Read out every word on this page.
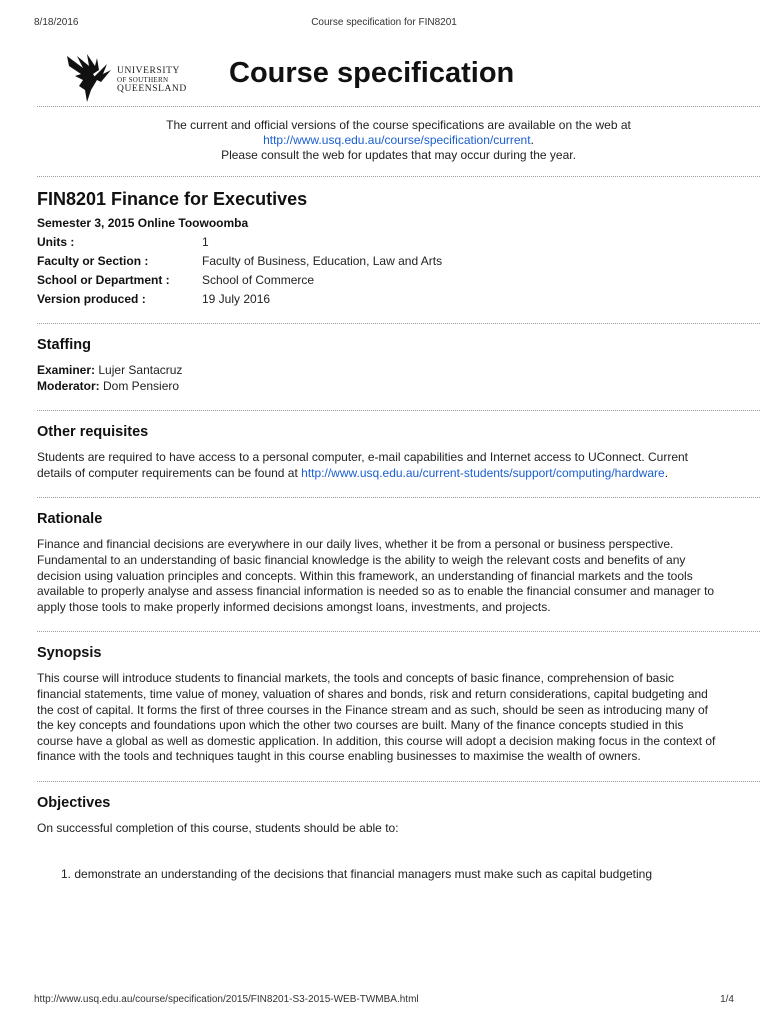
8/18/2016	Course specification for FIN8201
UNIVERSITY
OF SOUTHERN
QUEENSLAND	Course specification
The current and official versions of the course specifications are available on the web at
http://www.usq.edu.au/course/specification/current.
Please consult the web for updates that may occur during the year.
FIN8201 Finance for Executives
Semester 3, 2015 Online Toowoomba	
Units :	1
Faculty or Section :	Faculty of Business, Education, Law and Arts
School or Department :	School of Commerce
Version produced :	19 July 2016
Staffing
Examiner: Lujer Santacruz
Moderator: Dom Pensiero
Other requisites

Students are required to have access to a personal computer, e-mail capabilities and Internet access to UConnect. Current details of computer requirements can be found at http://www.usq.edu.au/current-students/support/computing/hardware.

Rationale

Finance and financial decisions are everywhere in our daily lives, whether it be from a personal or business perspective. Fundamental to an understanding of basic financial knowledge is the ability to weigh the relevant costs and benefits of any decision using valuation principles and concepts. Within this framework, an understanding of financial markets and the tools available to properly analyse and assess financial information is needed so as to enable the financial consumer and manager to apply those tools to make properly informed decisions amongst loans, investments, and projects.

Synopsis

This course will introduce students to financial markets, the tools and concepts of basic finance, comprehension of basic financial statements, time value of money, valuation of shares and bonds, risk and return considerations, capital budgeting and the cost of capital. It forms the first of three courses in the Finance stream and as such, should be seen as introducing many of the key concepts and foundations upon which the other two courses are built. Many of the finance concepts studied in this course have a global as well as domestic application. In addition, this course will adopt a decision making focus in the context of finance with the tools and techniques taught in this course enabling businesses to maximise the wealth of owners.

Objectives

On successful completion of this course, students should be able to:

1. demonstrate an understanding of the decisions that financial managers must make such as capital budgeting
http://www.usq.edu.au/course/specification/2015/FIN8201-S3-2015-WEB-TWMBA.html	1/4
